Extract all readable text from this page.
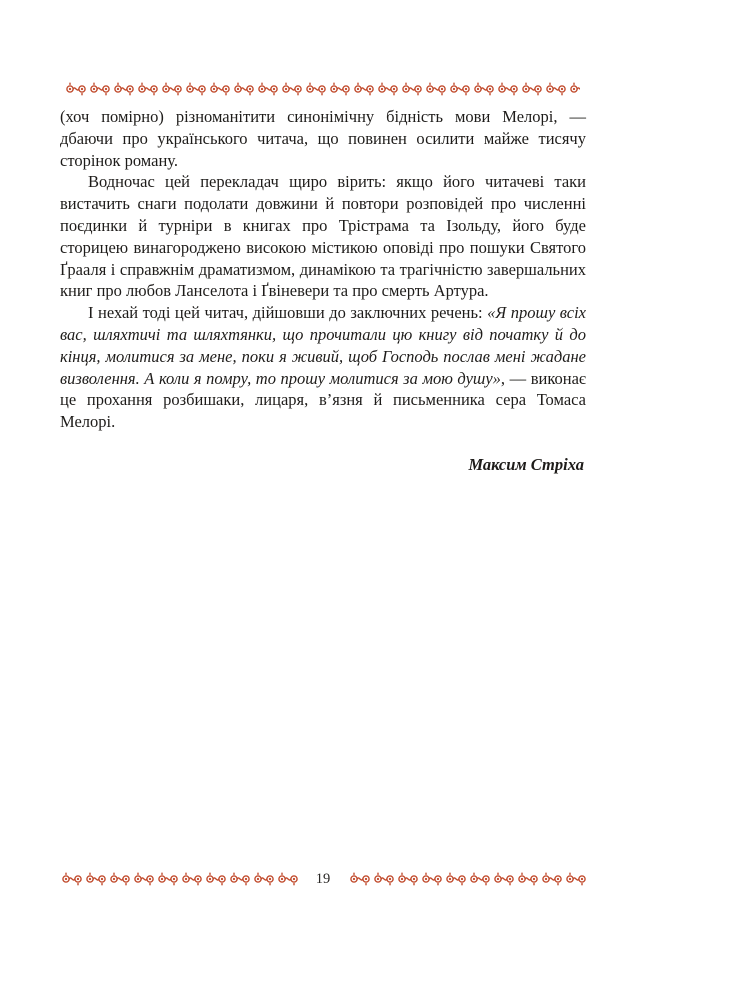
(хоч помірно) різноманітити синонімічну бідність мови Мелорі, — дбаючи про українського читача, що повинен осилити майже тисячу сторінок роману.

Водночас цей перекладач щиро вірить: якщо його читачеві таки вистачить снаги подолати довжини й повтори розповідей про численні поєдинки й турніри в книгах про Трістрама та Ізольду, його буде сторицею винагороджено високою містикою оповіді про пошуки Святого Ґрааля і справжнім драматизмом, динамікою та трагічністю завершальних книг про любов Ланселота і Ґвіневери та про смерть Артура.

І нехай тоді цей читач, дійшовши до заключних речень: «Я прошу всіх вас, шляхтичі та шляхтянки, що прочитали цю книгу від початку й до кінця, молитися за мене, поки я живий, щоб Господь послав мені жадане визволення. А коли я помру, то прошу молитися за мою душу», — виконає це прохання розбишаки, лицаря, в’язня й письменника сера Томаса Мелорі.

Максим Стріха
19
